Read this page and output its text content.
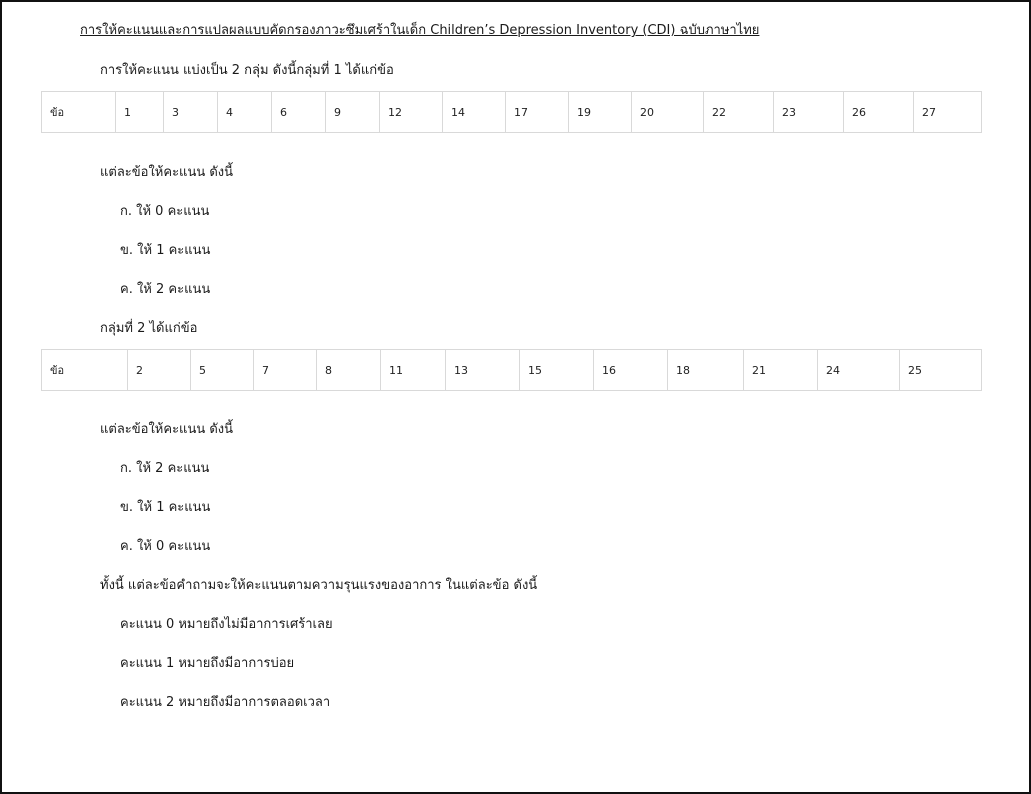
การให้คะแนนและการแปลผลแบบคัดกรองภาวะซึมเศร้าในเด็ก Children’s Depression Inventory (CDI) ฉบับภาษาไทย
การให้คะแนน แบ่งเป็น 2 กลุ่ม ดังนี้กลุ่มที่ 1 ได้แก่ข้อ
ข้อ	1	3	4	6	9	12	14	17	19	20	22	23	26	27
แต่ละข้อให้คะแนน ดังนี้
ก. ให้ 0 คะแนน
ข. ให้ 1 คะแนน
ค. ให้ 2 คะแนน
กลุ่มที่ 2 ได้แก่ข้อ
ข้อ	2	5	7	8	11	13	15	16	18	21	24	25
แต่ละข้อให้คะแนน ดังนี้
ก. ให้ 2 คะแนน
ข. ให้ 1 คะแนน
ค. ให้ 0 คะแนน
ทั้งนี้ แต่ละข้อคำถามจะให้คะแนนตามความรุนแรงของอาการ ในแต่ละข้อ ดังนี้
คะแนน 0 หมายถึงไม่มีอาการเศร้าเลย
คะแนน 1 หมายถึงมีอาการบ่อย
คะแนน 2 หมายถึงมีอาการตลอดเวลา
